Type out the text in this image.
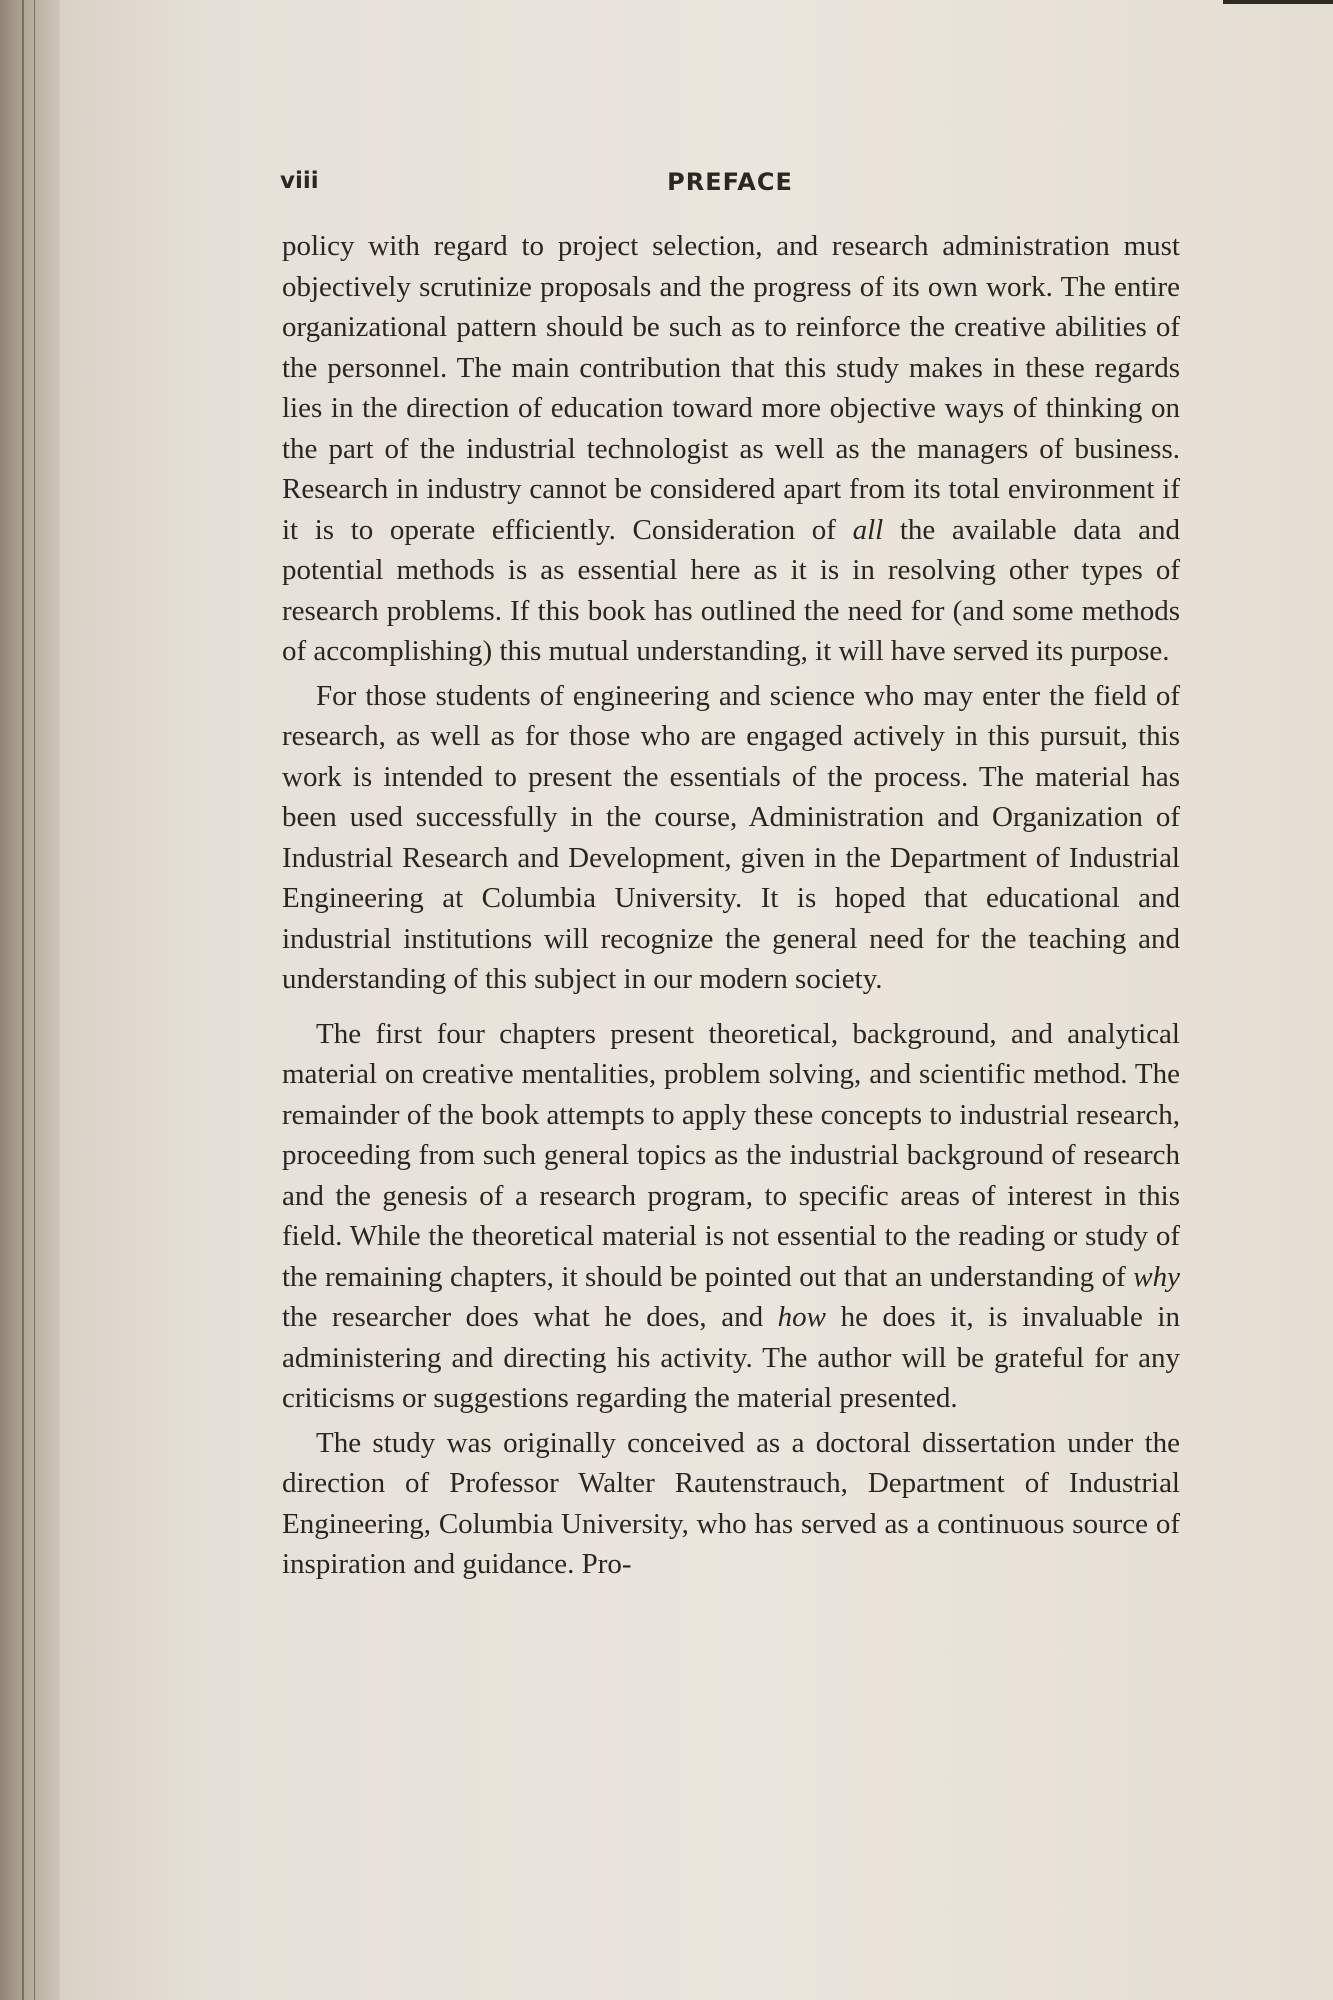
viii	PREFACE

policy with regard to project selection, and research administration must objectively scrutinize proposals and the progress of its own work. The entire organizational pattern should be such as to reinforce the creative abilities of the personnel. The main contribution that this study makes in these regards lies in the direction of education toward more objective ways of thinking on the part of the industrial technologist as well as the managers of business. Research in industry cannot be considered apart from its total environment if it is to operate efficiently. Consideration of all the available data and potential methods is as essential here as it is in resolving other types of research problems. If this book has outlined the need for (and some methods of accomplishing) this mutual understanding, it will have served its purpose.

For those students of engineering and science who may enter the field of research, as well as for those who are engaged actively in this pursuit, this work is intended to present the essentials of the process. The material has been used successfully in the course, Administration and Organization of Industrial Research and Development, given in the Department of Industrial Engineering at Columbia University. It is hoped that educational and industrial institutions will recognize the general need for the teaching and understanding of this subject in our modern society.

The first four chapters present theoretical, background, and analytical material on creative mentalities, problem solving, and scientific method. The remainder of the book attempts to apply these concepts to industrial research, proceeding from such general topics as the industrial background of research and the genesis of a research program, to specific areas of interest in this field. While the theoretical material is not essential to the reading or study of the remaining chapters, it should be pointed out that an understanding of why the researcher does what he does, and how he does it, is invaluable in administering and directing his activity. The author will be grateful for any criticisms or suggestions regarding the material presented.

The study was originally conceived as a doctoral dissertation under the direction of Professor Walter Rautenstrauch, Department of Industrial Engineering, Columbia University, who has served as a continuous source of inspiration and guidance. Pro-
